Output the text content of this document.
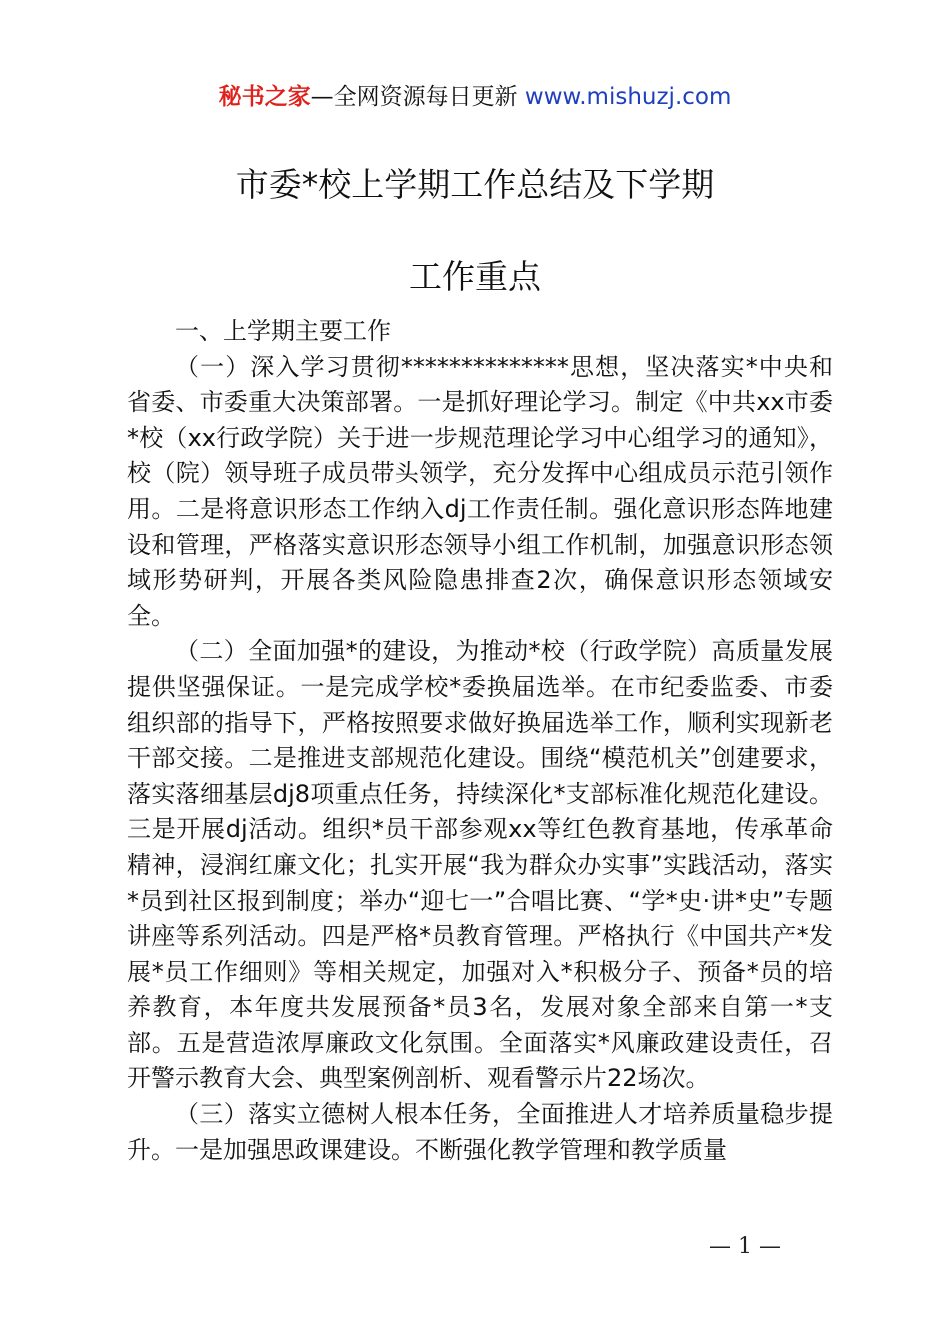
秘书之家—全网资源每日更新 www.mishuzj.com
市委*校上学期工作总结及下学期
工作重点

一、上学期主要工作

（一）深入学习贯彻**************思想，坚决落实*中央和省委、市委重大决策部署。一是抓好理论学习。制定《中共xx市委*校（xx行政学院）关于进一步规范理论学习中心组学习的通知》，校（院）领导班子成员带头领学，充分发挥中心组成员示范引领作用。二是将意识形态工作纳入dj工作责任制。强化意识形态阵地建设和管理，严格落实意识形态领导小组工作机制，加强意识形态领域形势研判，开展各类风险隐患排查2次，确保意识形态领域安全。

（二）全面加强*的建设，为推动*校（行政学院）高质量发展提供坚强保证。一是完成学校*委换届选举。在市纪委监委、市委组织部的指导下，严格按照要求做好换届选举工作，顺利实现新老干部交接。二是推进支部规范化建设。围绕“模范机关”创建要求，落实落细基层dj8项重点任务，持续深化*支部标准化规范化建设。三是开展dj活动。组织*员干部参观xx等红色教育基地，传承革命精神，浸润红廉文化；扎实开展“我为群众办实事”实践活动，落实*员到社区报到制度；举办“迎七一”合唱比赛、“学*史·讲*史”专题讲座等系列活动。四是严格*员教育管理。严格执行《中国共产*发展*员工作细则》等相关规定，加强对入*积极分子、预备*员的培养教育，本年度共发展预备*员3名，发展对象全部来自第一*支部。五是营造浓厚廉政文化氛围。全面落实*风廉政建设责任，召开警示教育大会、典型案例剖析、观看警示片22场次。

（三）落实立德树人根本任务，全面推进人才培养质量稳步提升。一是加强思政课建设。不断强化教学管理和教学质量

— 1 —
